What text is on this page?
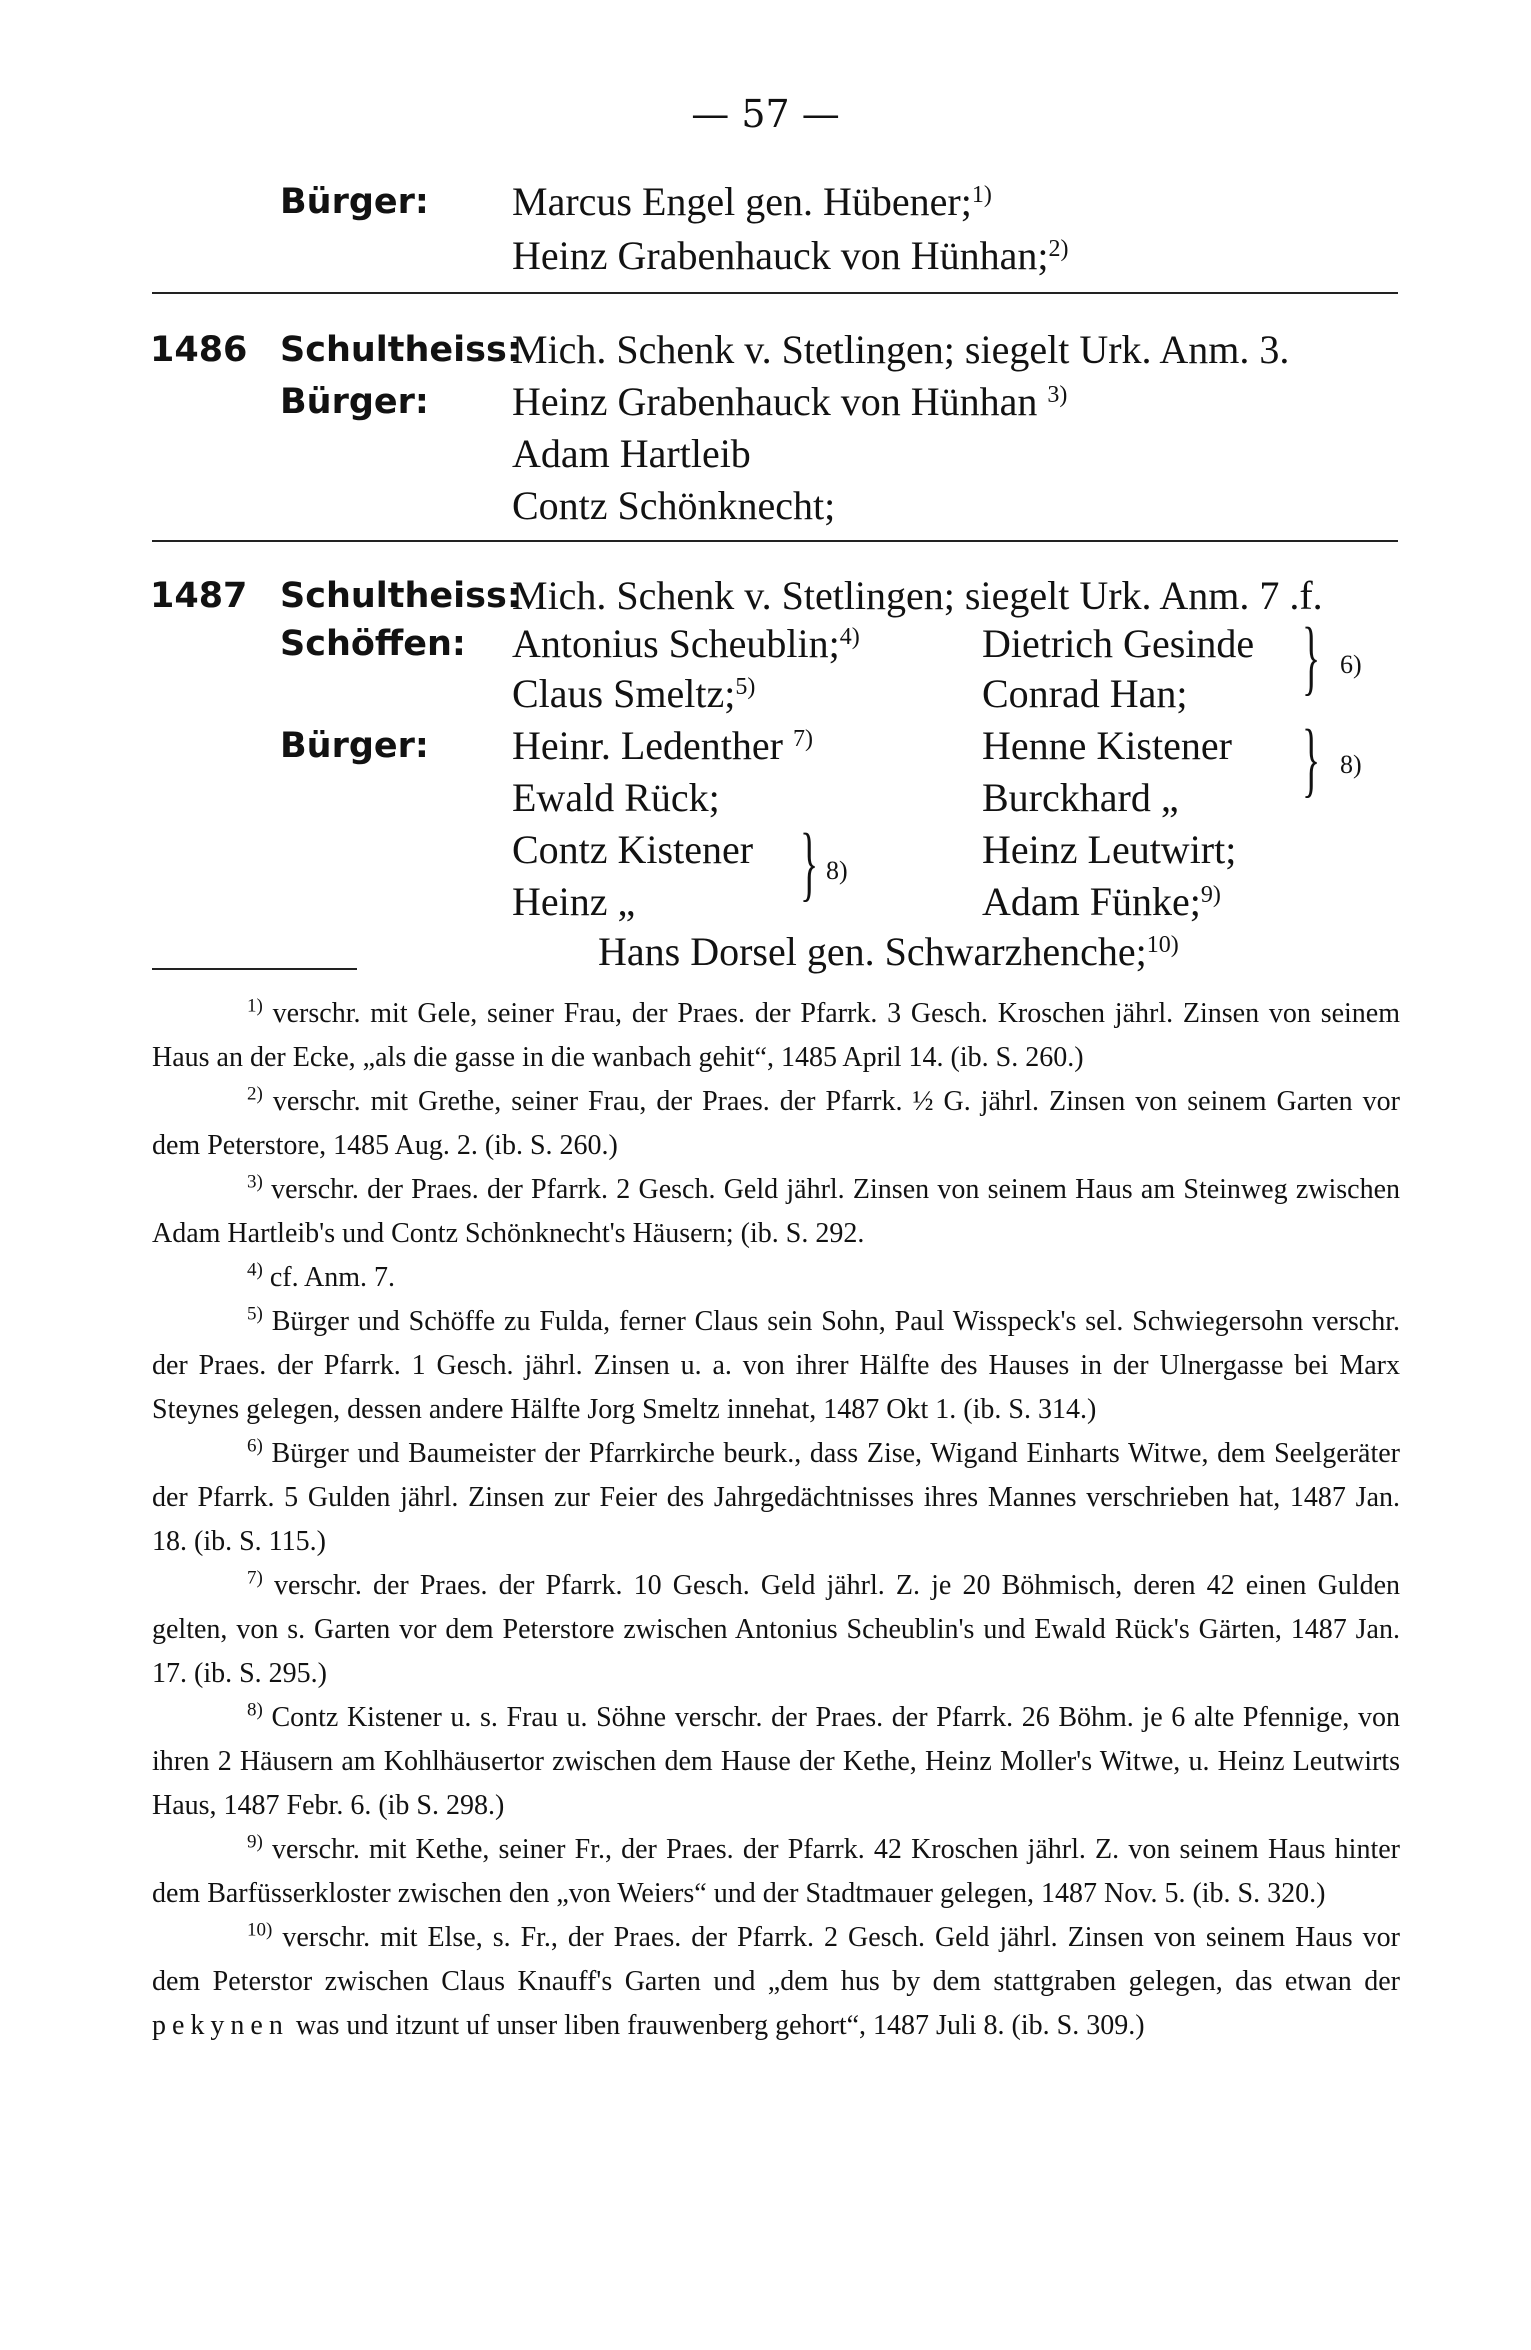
— 57 —
Bürger: Marcus Engel gen. Hübener;$^{1)}$
Heinz Grabenhauck von Hünhan;$^{2)}$
1486 Schultheiss:
Mich. Schenk v. Stetlingen; siegelt Urk. Anm. 3.
Bürger: Heinz Grabenhauck von Hünhan $^{3)}$
Adam Hartleib
Contz Schönknecht;
1487 Schultheiss:
Mich. Schenk v. Stetlingen; siegelt Urk. Anm. 7 .f.
Schöffen: Antonius Scheublin;$^{4)}$	Dietrich Gesinde
Claus Smeltz;$^{5)}$	Conrad Han;
Bürger: Heinr. Ledenther $^{7)}$	Henne Kistener
Ewald Rück;	Burckhard „
Contz Kistener	Heinz Leutwirt;
Heinz „	Adam Fünke;$^{9)}$
Hans Dorsel gen. Schwarzhenche;$^{10)}$
} 6)
} 8)
} 8)

$^{1)}$ verschr. mit Gele, seiner Frau, der Praes. der Pfarrk. 3 Gesch. Kroschen jährl. Zinsen von seinem Haus an der Ecke, „als die gasse in die wanbach gehit“, 1485 April 14. (ib. S. 260.)

$^{2)}$ verschr. mit Grethe, seiner Frau, der Praes. der Pfarrk. ½ G. jährl. Zinsen von seinem Garten vor dem Peterstore, 1485 Aug. 2. (ib. S. 260.)

$^{3)}$ verschr. der Praes. der Pfarrk. 2 Gesch. Geld jährl. Zinsen von seinem Haus am Steinweg zwischen Adam Hartleib's und Contz Schönknecht's Häusern; (ib. S. 292.

$^{4)}$ cf. Anm. 7.

$^{5)}$ Bürger und Schöffe zu Fulda, ferner Claus sein Sohn, Paul Wisspeck's sel. Schwiegersohn verschr. der Praes. der Pfarrk. 1 Gesch. jährl. Zinsen u. a. von ihrer Hälfte des Hauses in der Ulnergasse bei Marx Steynes gelegen, dessen andere Hälfte Jorg Smeltz innehat, 1487 Okt 1. (ib. S. 314.)

$^{6)}$ Bürger und Baumeister der Pfarrkirche beurk., dass Zise, Wigand Einharts Witwe, dem Seelgeräter der Pfarrk. 5 Gulden jährl. Zinsen zur Feier des Jahrgedächtnisses ihres Mannes verschrieben hat, 1487 Jan. 18. (ib. S. 115.)

$^{7)}$ verschr. der Praes. der Pfarrk. 10 Gesch. Geld jährl. Z. je 20 Böhmisch, deren 42 einen Gulden gelten, von s. Garten vor dem Peterstore zwischen Antonius Scheublin's und Ewald Rück's Gärten, 1487 Jan. 17. (ib. S. 295.)

$^{8)}$ Contz Kistener u. s. Frau u. Söhne verschr. der Praes. der Pfarrk. 26 Böhm. je 6 alte Pfennige, von ihren 2 Häusern am Kohlhäusertor zwischen dem Hause der Kethe, Heinz Moller's Witwe, u. Heinz Leutwirts Haus, 1487 Febr. 6. (ib S. 298.)

$^{9)}$ verschr. mit Kethe, seiner Fr., der Praes. der Pfarrk. 42 Kroschen jährl. Z. von seinem Haus hinter dem Barfüsserkloster zwischen den „von Weiers“ und der Stadtmauer gelegen, 1487 Nov. 5. (ib. S. 320.)

$^{10)}$ verschr. mit Else, s. Fr., der Praes. der Pfarrk. 2 Gesch. Geld jährl. Zinsen von seinem Haus vor dem Peterstor zwischen Claus Knauff's Garten und „dem hus by dem stattgraben gelegen, das etwan der pekynen was und itzunt uf unser liben frauwenberg gehort“, 1487 Juli 8. (ib. S. 309.)
